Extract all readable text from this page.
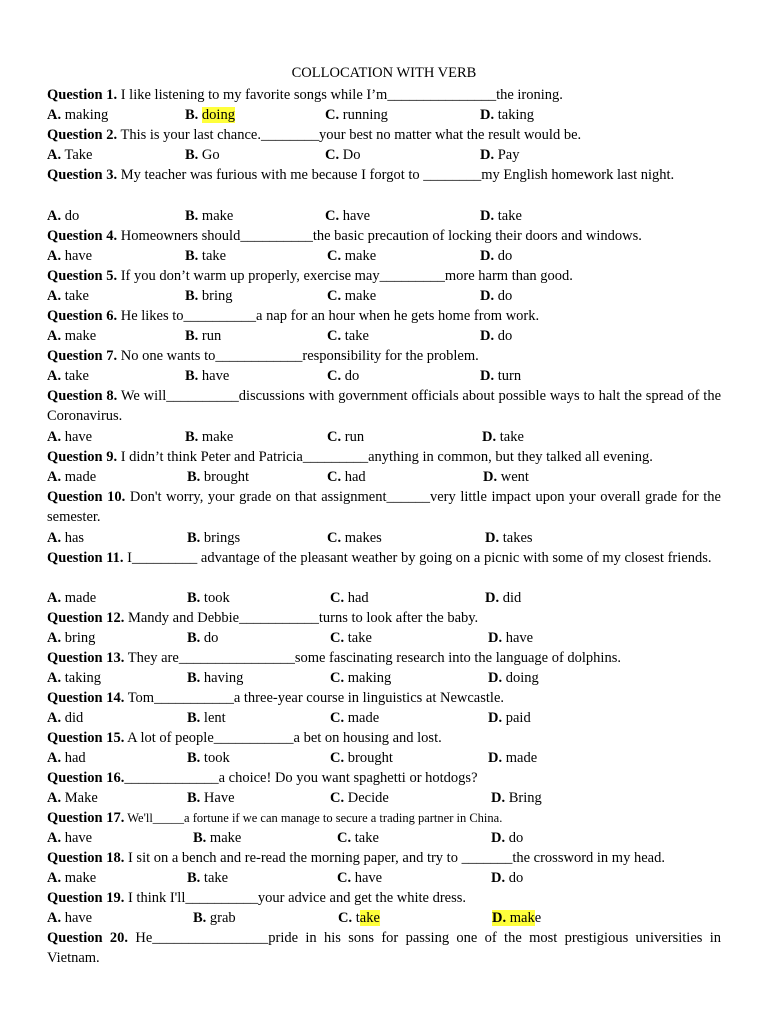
COLLOCATION WITH VERB
Question 1. I like listening to my favorite songs while I’m_______________the ironing.
A. making	B. doing	C. running	D. taking
Question 2. This is your last chance.________your best no matter what the result would be.
A. Take	B. Go	C. Do	D. Pay
Question 3. My teacher was furious with me because I forgot to ________my English homework last night.
A. do	B. make	C. have	D. take
Question 4. Homeowners should__________the basic precaution of locking their doors and windows.
A. have	B. take	C. make	D. do
Question 5. If you don’t warm up properly, exercise may_________more harm than good.
A. take	B. bring	C. make	D. do
Question 6. He likes to__________a nap for an hour when he gets home from work.
A. make	B. run	C. take	D. do
Question 7. No one wants to____________responsibility for the problem.
A. take	B. have	C. do	D. turn
Question 8. We will__________discussions with government officials about possible ways to halt the spread of the Coronavirus.
A. have	B. make	C. run	D. take
Question 9. I didn’t think Peter and Patricia_________anything in common, but they talked all evening.
A. made	B. brought	C. had	D. went
Question 10. Don't worry, your grade on that assignment______very little impact upon your overall grade for the semester.
A. has	B. brings	C. makes	D. takes
Question 11. I_________ advantage of the pleasant weather by going on a picnic with some of my closest friends.
A. made	B. took	C. had	D. did
Question 12. Mandy and Debbie___________turns to look after the baby.
A. bring	B. do	C. take	D. have
Question 13. They are________________some fascinating research into the language of dolphins.
A. taking	B. having	C. making	D. doing
Question 14. Tom___________a three-year course in linguistics at Newcastle.
A. did	B. lent	C. made	D. paid
Question 15. A lot of people___________a bet on housing and lost.
A. had	B. took	C. brought	D. made
Question 16._____________a choice! Do you want spaghetti or hotdogs?
A. Make	B. Have	C. Decide	D. Bring
Question 17. We'll_____a fortune if we can manage to secure a trading partner in China.
A. have	B. make	C. take	D. do
Question 18. I sit on a bench and re-read the morning paper, and try to _______the crossword in my head.
A. make	B. take	C. have	D. do
Question 19. I think I'll__________your advice and get the white dress.
A. have	B. grab	C. take	D. make
Question 20. He________________pride in his sons for passing one of the most prestigious universities in Vietnam.
